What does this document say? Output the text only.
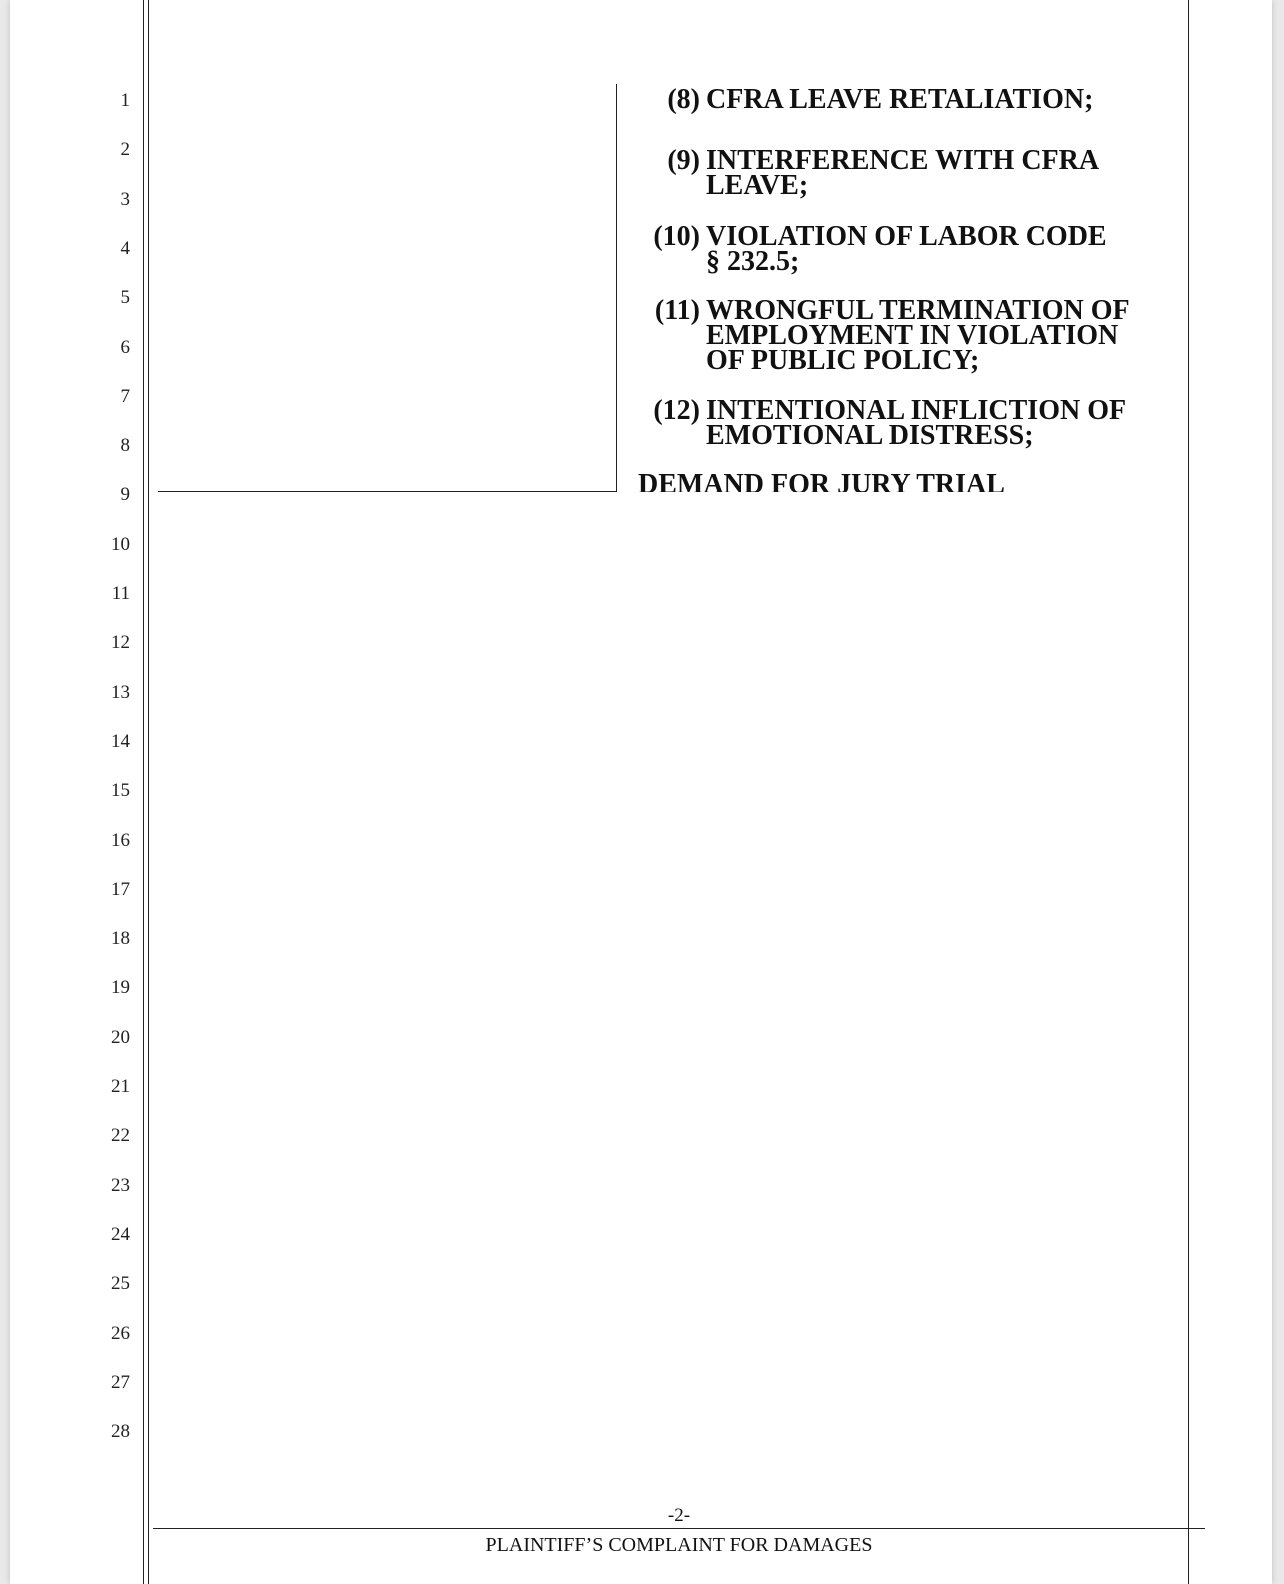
1
2
3
4
5
6
7
8
9
10
11
12
13
14
15
16
17
18
19
20
21
22
23
24
25
26
27
28
(8) CFRA LEAVE RETALIATION;
(9) INTERFERENCE WITH CFRA
LEAVE;
(10) VIOLATION OF LABOR CODE
§ 232.5;
(11) WRONGFUL TERMINATION OF
EMPLOYMENT IN VIOLATION
OF PUBLIC POLICY;
(12) INTENTIONAL INFLICTION OF
EMOTIONAL DISTRESS;
DEMAND FOR JURY TRIAL
-2-
PLAINTIFF’S COMPLAINT FOR DAMAGES
